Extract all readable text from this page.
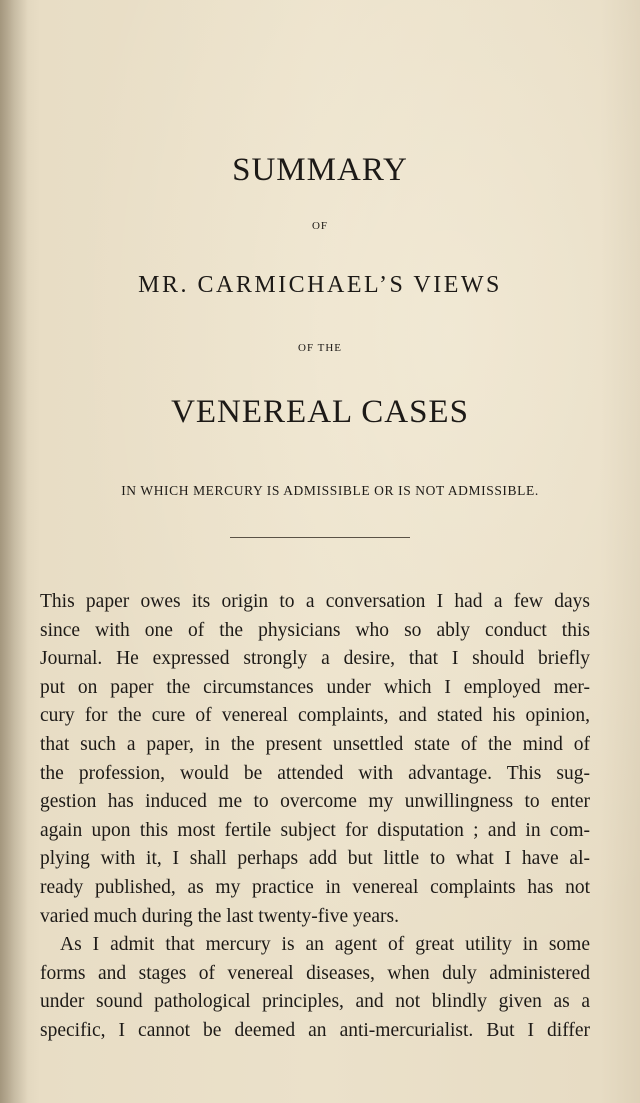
SUMMARY
OF
MR. CARMICHAEL’S VIEWS
OF THE
VENEREAL CASES
IN WHICH MERCURY IS ADMISSIBLE OR IS NOT ADMISSIBLE.
This paper owes its origin to a conversation I had a few days
since with one of the physicians who so ably conduct this
Journal. He expressed strongly a desire, that I should briefly
put on paper the circumstances under which I employed mer-
cury for the cure of venereal complaints, and stated his opinion,
that such a paper, in the present unsettled state of the mind of
the profession, would be attended with advantage. This sug-
gestion has induced me to overcome my unwillingness to enter
again upon this most fertile subject for disputation ; and in com-
plying with it, I shall perhaps add but little to what I have al-
ready published, as my practice in venereal complaints has not
varied much during the last twenty-five years.
As I admit that mercury is an agent of great utility in some
forms and stages of venereal diseases, when duly administered
under sound pathological principles, and not blindly given as a
specific, I cannot be deemed an anti-mercurialist. But I differ
